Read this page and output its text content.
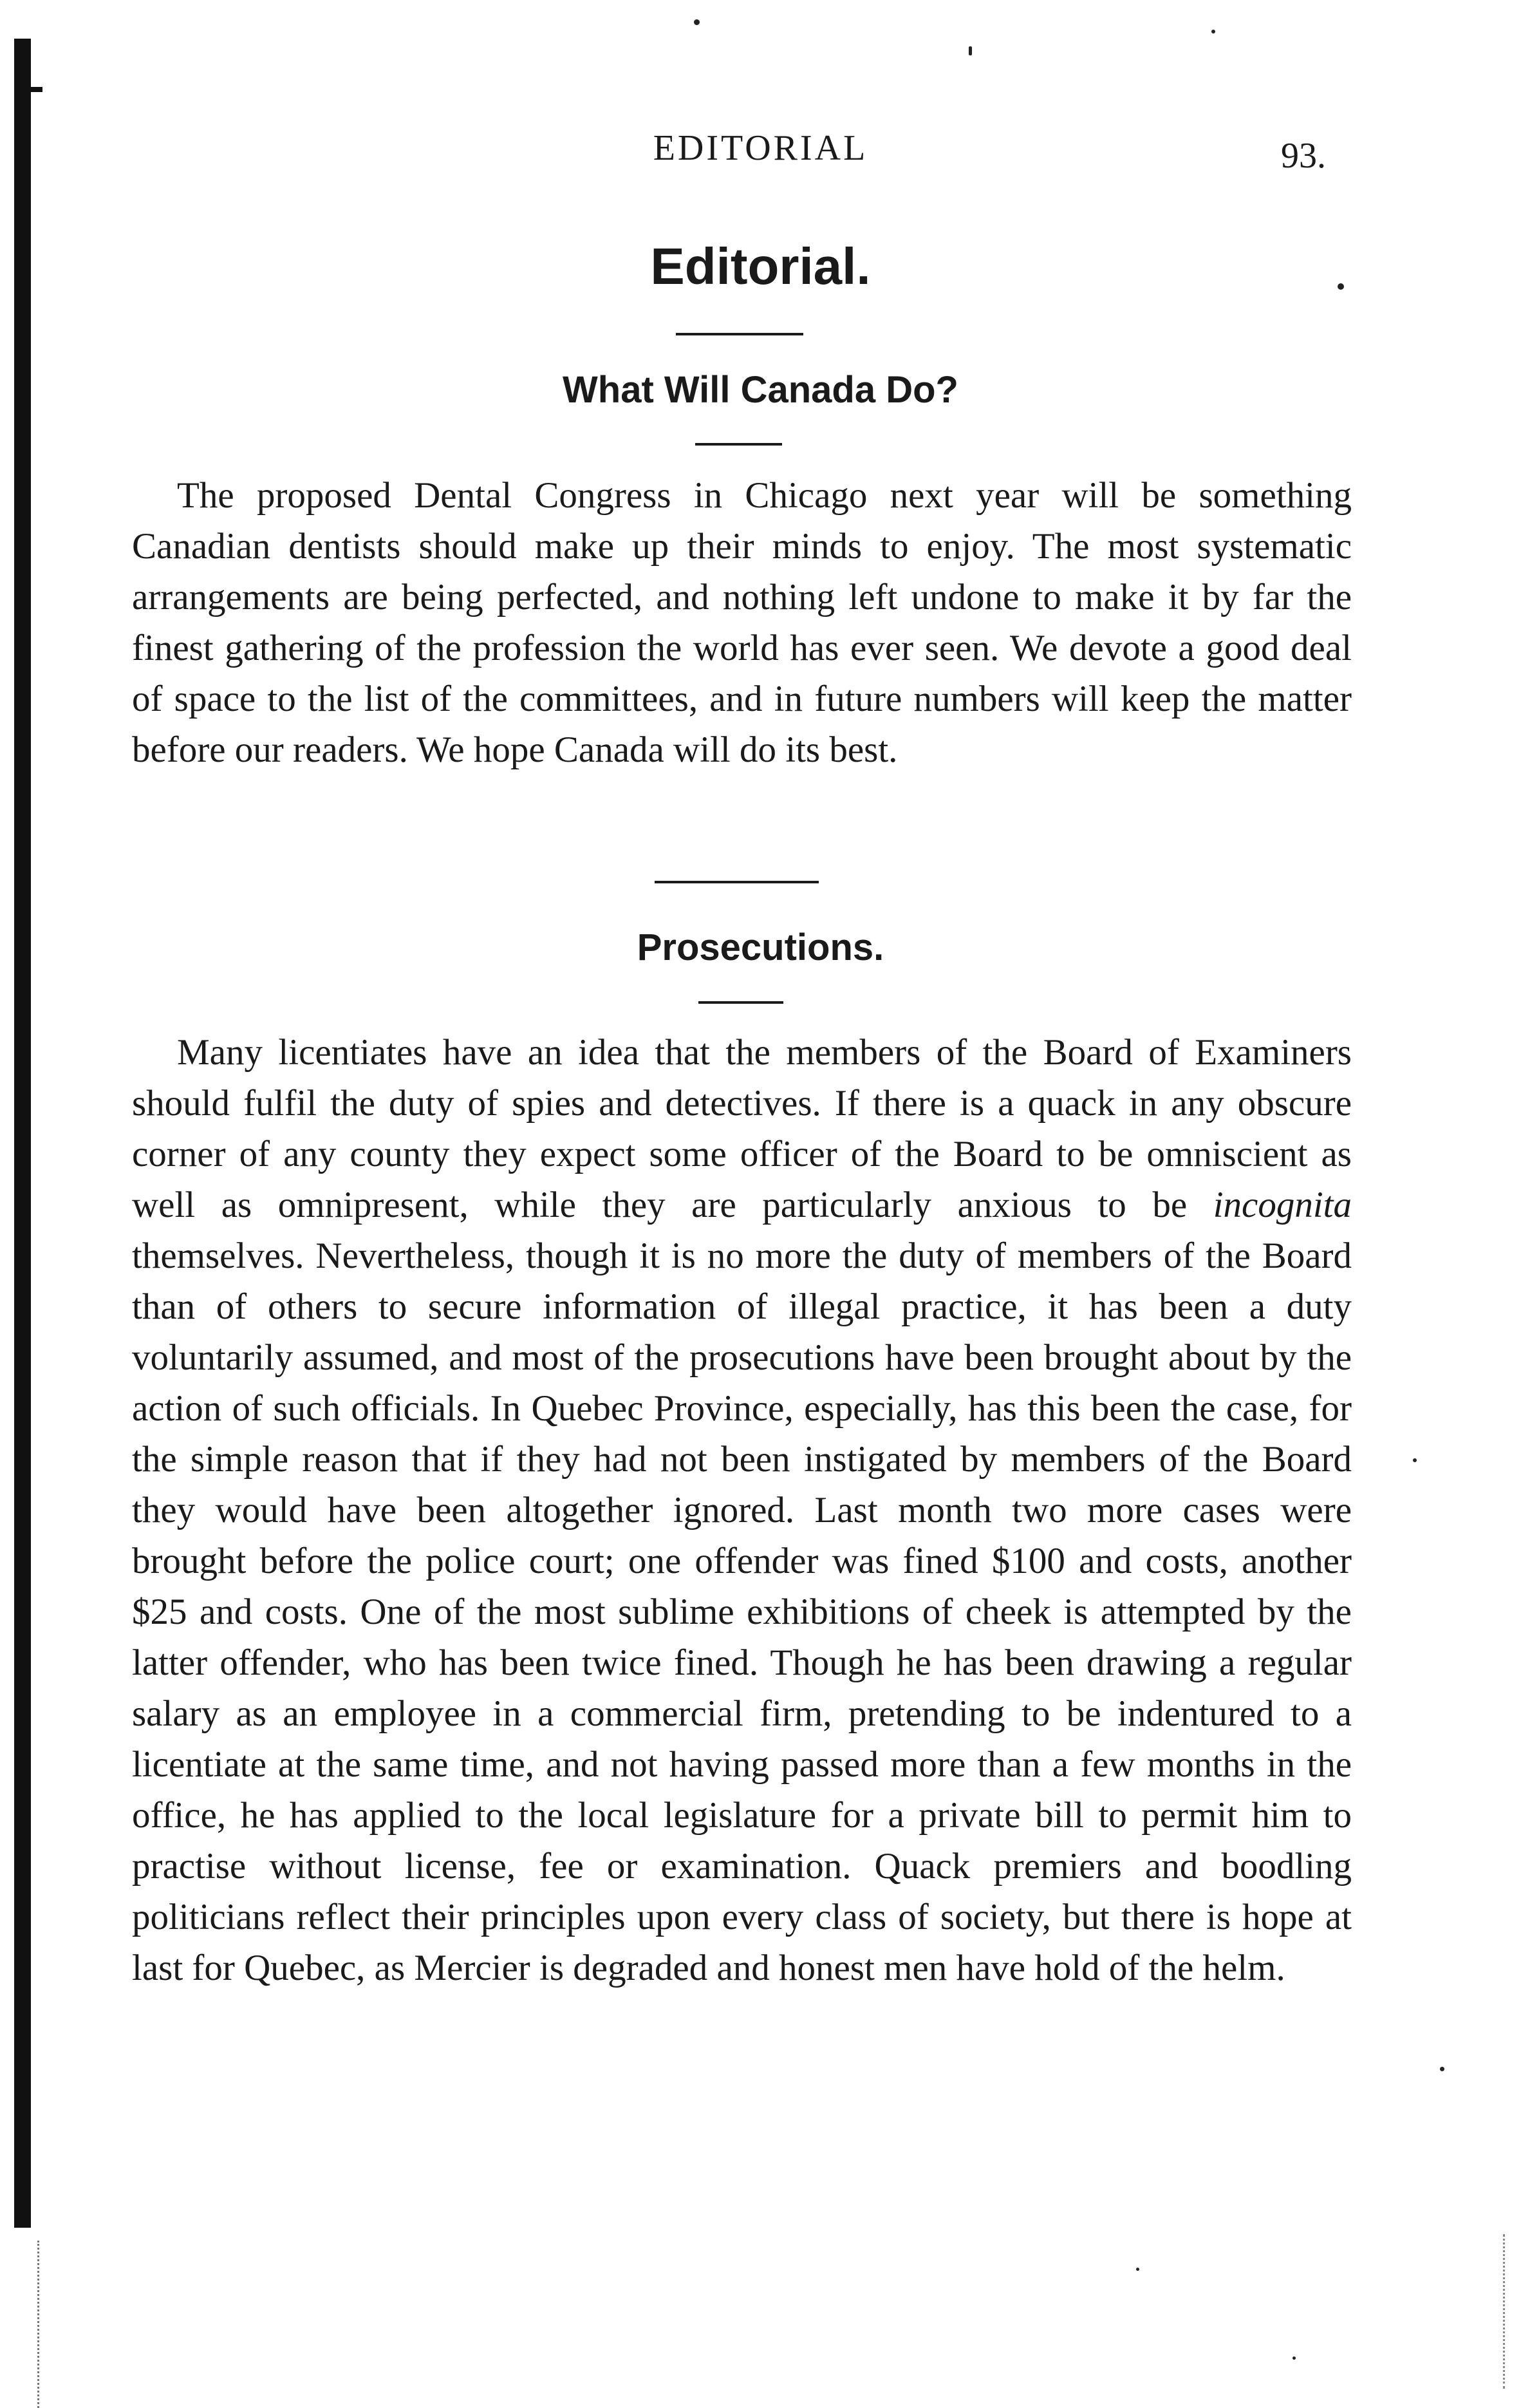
EDITORIAL	93.
Editorial.
What Will Canada Do?

The proposed Dental Congress in Chicago next year will be something Canadian dentists should make up their minds to enjoy. The most systematic arrangements are being perfected, and nothing left undone to make it by far the finest gathering of the profession the world has ever seen. We devote a good deal of space to the list of the committees, and in future numbers will keep the matter before our readers. We hope Canada will do its best.

Prosecutions.

Many licentiates have an idea that the members of the Board of Examiners should fulfil the duty of spies and detectives. If there is a quack in any obscure corner of any county they expect some officer of the Board to be omniscient as well as omnipresent, while they are particularly anxious to be incognita themselves. Nevertheless, though it is no more the duty of members of the Board than of others to secure information of illegal practice, it has been a duty voluntarily assumed, and most of the prosecutions have been brought about by the action of such officials. In Quebec Province, especially, has this been the case, for the simple reason that if they had not been instigated by members of the Board they would have been altogether ignored. Last month two more cases were brought before the police court; one offender was fined $100 and costs, another $25 and costs. One of the most sublime exhibitions of cheek is attempted by the latter offender, who has been twice fined. Though he has been drawing a regular salary as an employee in a commercial firm, pretending to be indentured to a licentiate at the same time, and not having passed more than a few months in the office, he has applied to the local legislature for a private bill to permit him to practise without license, fee or examination. Quack premiers and boodling politicians reflect their principles upon every class of society, but there is hope at last for Quebec, as Mercier is degraded and honest men have hold of the helm.
